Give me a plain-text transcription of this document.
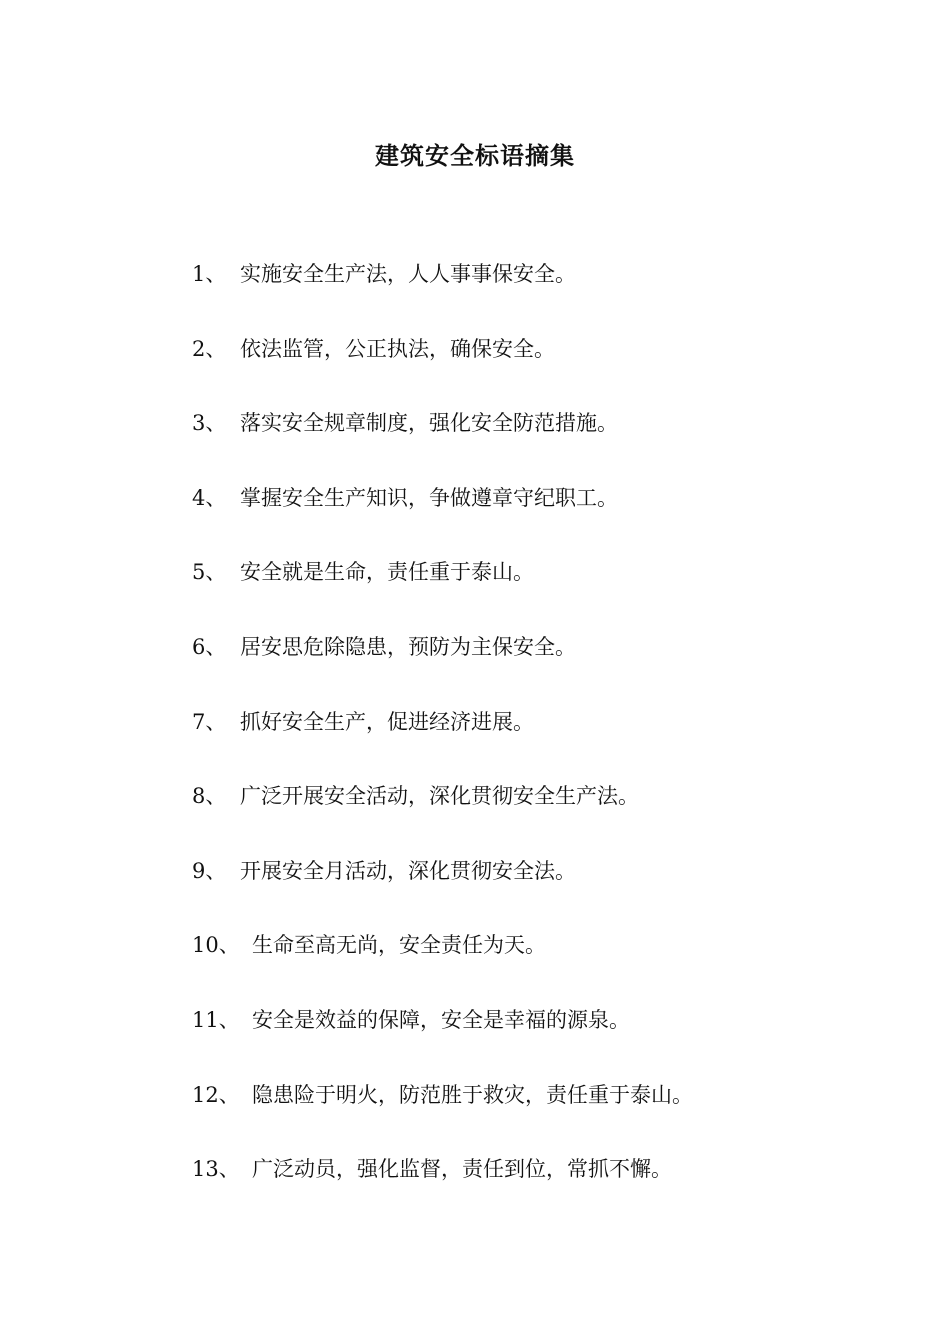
建筑安全标语摘集
1、 实施安全生产法，人人事事保安全。
2、 依法监管，公正执法，确保安全。
3、 落实安全规章制度，强化安全防范措施。
4、 掌握安全生产知识，争做遵章守纪职工。
5、 安全就是生命，责任重于泰山。
6、 居安思危除隐患，预防为主保安全。
7、 抓好安全生产，促进经济进展。
8、 广泛开展安全活动，深化贯彻安全生产法。
9、 开展安全月活动，深化贯彻安全法。
10、 生命至高无尚，安全责任为天。
11、 安全是效益的保障，安全是幸福的源泉。
12、 隐患险于明火，防范胜于救灾，责任重于泰山。
13、 广泛动员，强化监督，责任到位，常抓不懈。
